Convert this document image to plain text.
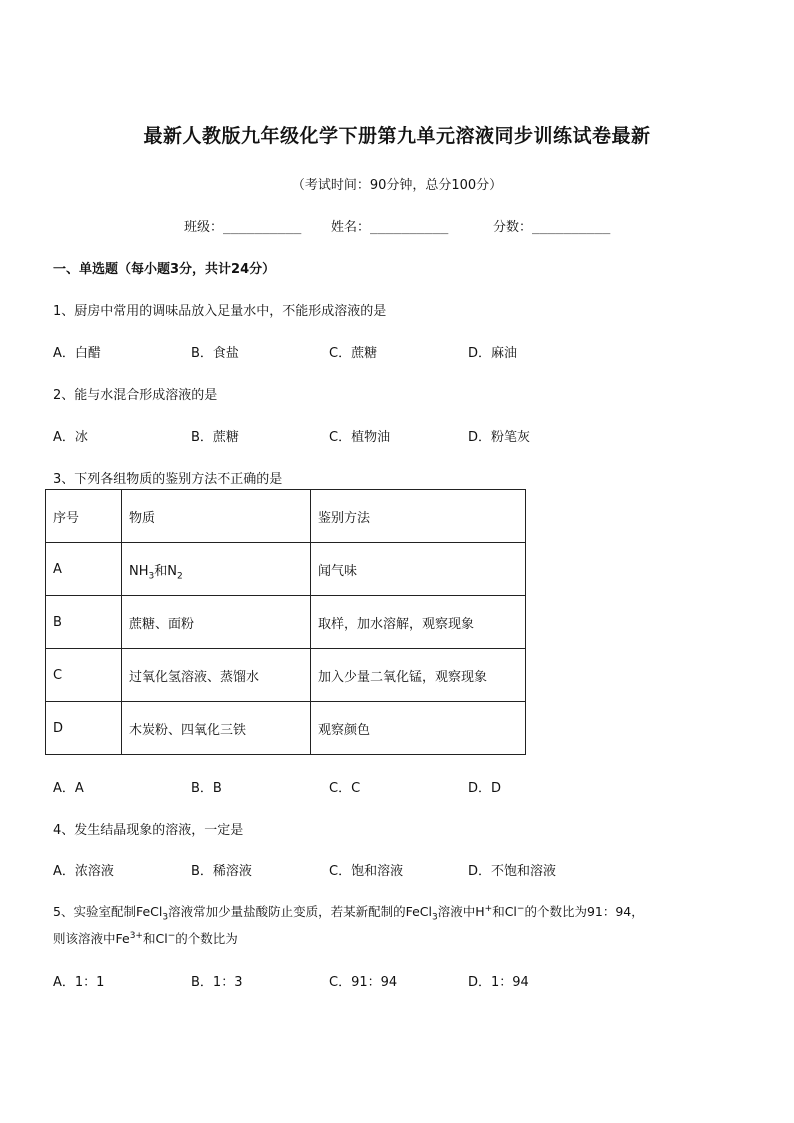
最新人教版九年级化学下册第九单元溶液同步训练试卷最新
（考试时间：90分钟，总分100分）
班级：__________ 姓名：__________	分数：__________
一、单选题（每小题3分，共计24分）
1、厨房中常用的调味品放入足量水中，不能形成溶液的是
A．白醋	B．食盐	C．蔗糖	D．麻油
2、能与水混合形成溶液的是
A．冰	B．蔗糖	C．植物油	D．粉笔灰
3、下列各组物质的鉴别方法不正确的是
序号	物质	鉴别方法
A	$NH_3$和$N_2$	闻气味
B	蔗糖、面粉	取样，加水溶解，观察现象
C	过氧化氢溶液、蒸馏水	加入少量二氧化锰，观察现象
D	木炭粉、四氧化三铁	观察颜色
A．A	B．B	C．C	D．D
4、发生结晶现象的溶液，一定是
A．浓溶液	B．稀溶液	C．饱和溶液	D．不饱和溶液
5、实验室配制FeCl$_3$溶液常加少量盐酸防止变质，若某新配制的FeCl$_3$溶液中H+和Cl−的个数比为91：94，
则该溶液中$Fe^{3+}$和Cl−的个数比为
A．1：1	B．1：3	C．91：94	D．1：94
